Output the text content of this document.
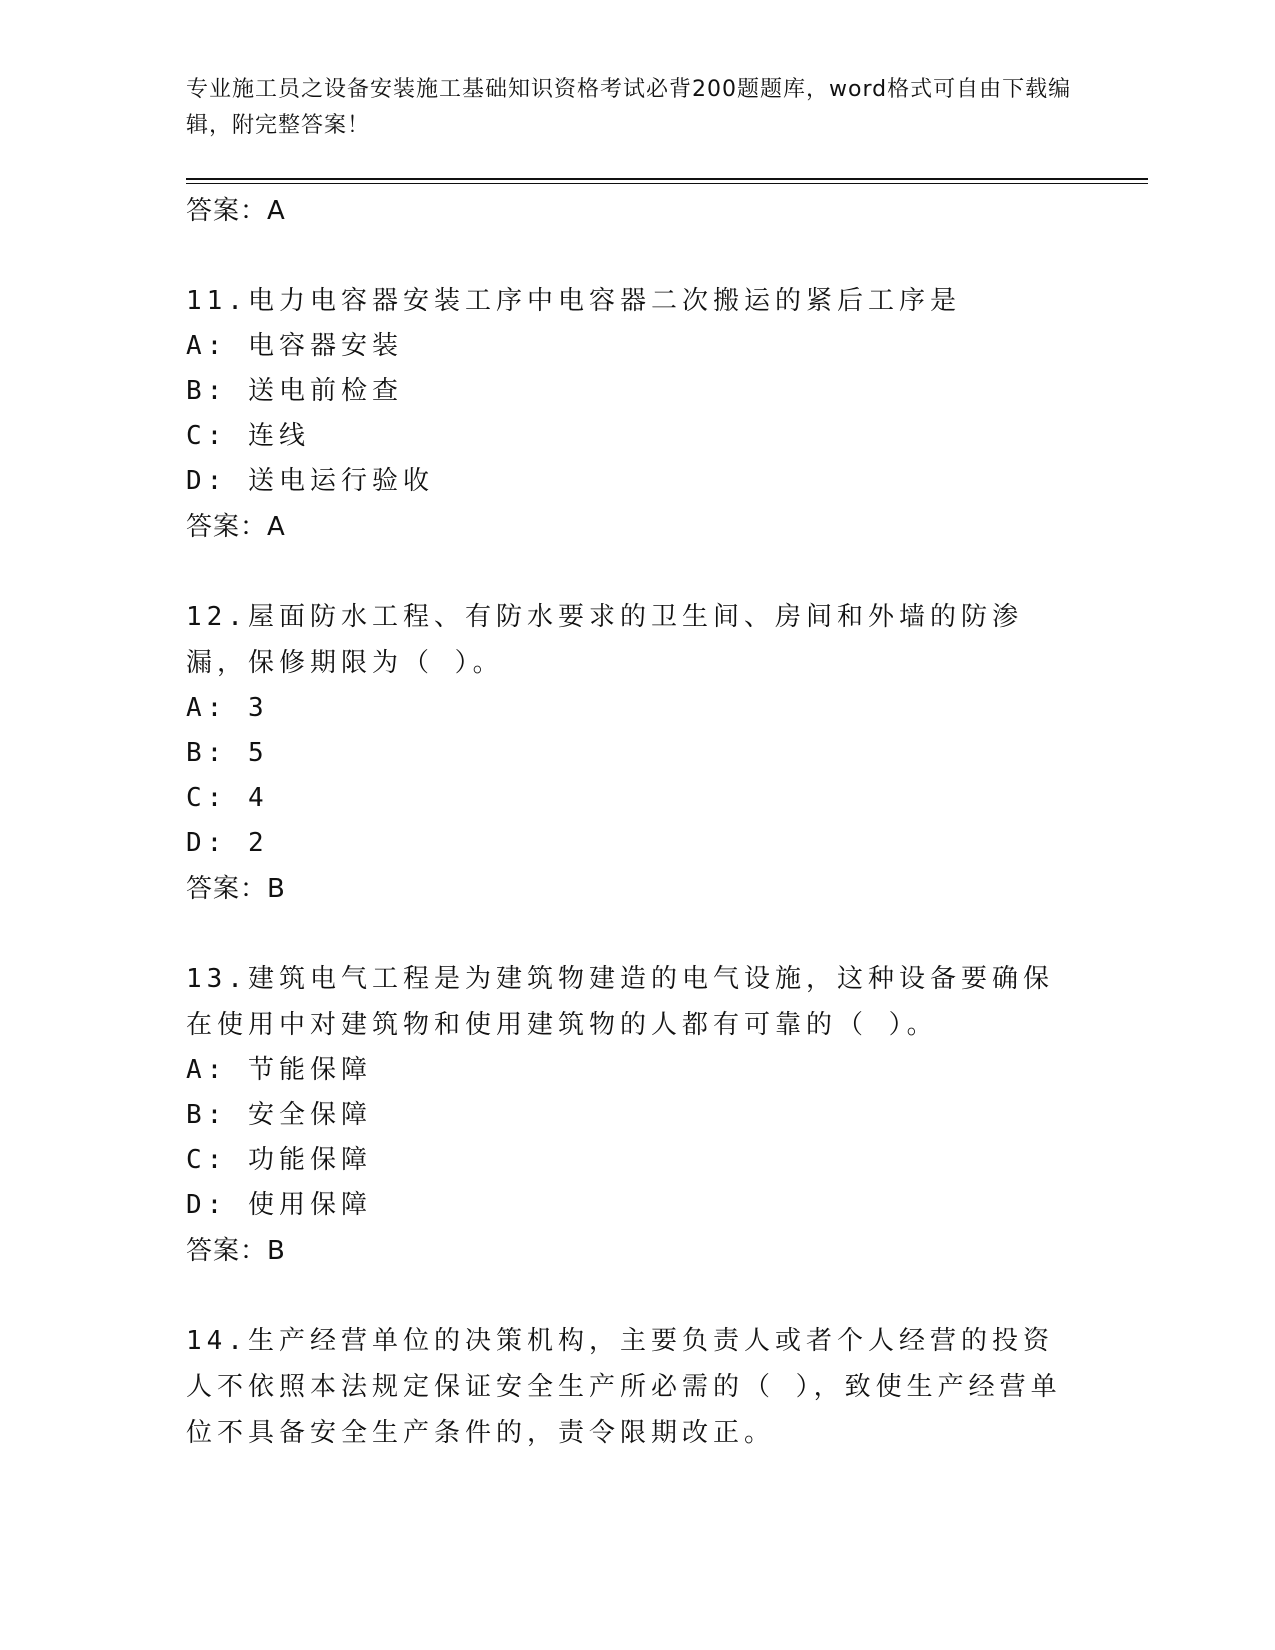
专业施工员之设备安装施工基础知识资格考试必背200题题库，word格式可自由下载编辑，附完整答案！
答案：A
11.电力电容器安装工序中电容器二次搬运的紧后工序是
A: 电容器安装
B: 送电前检查
C: 连线
D: 送电运行验收
答案：A
12.屋面防水工程、有防水要求的卫生间、房间和外墙的防渗漏，保修期限为（ ）。
A: 3
B: 5
C: 4
D: 2
答案：B
13.建筑电气工程是为建筑物建造的电气设施，这种设备要确保在使用中对建筑物和使用建筑物的人都有可靠的（ ）。
A: 节能保障
B: 安全保障
C: 功能保障
D: 使用保障
答案：B
14.生产经营单位的决策机构，主要负责人或者个人经营的投资人不依照本法规定保证安全生产所必需的（ ），致使生产经营单位不具备安全生产条件的，责令限期改正。
